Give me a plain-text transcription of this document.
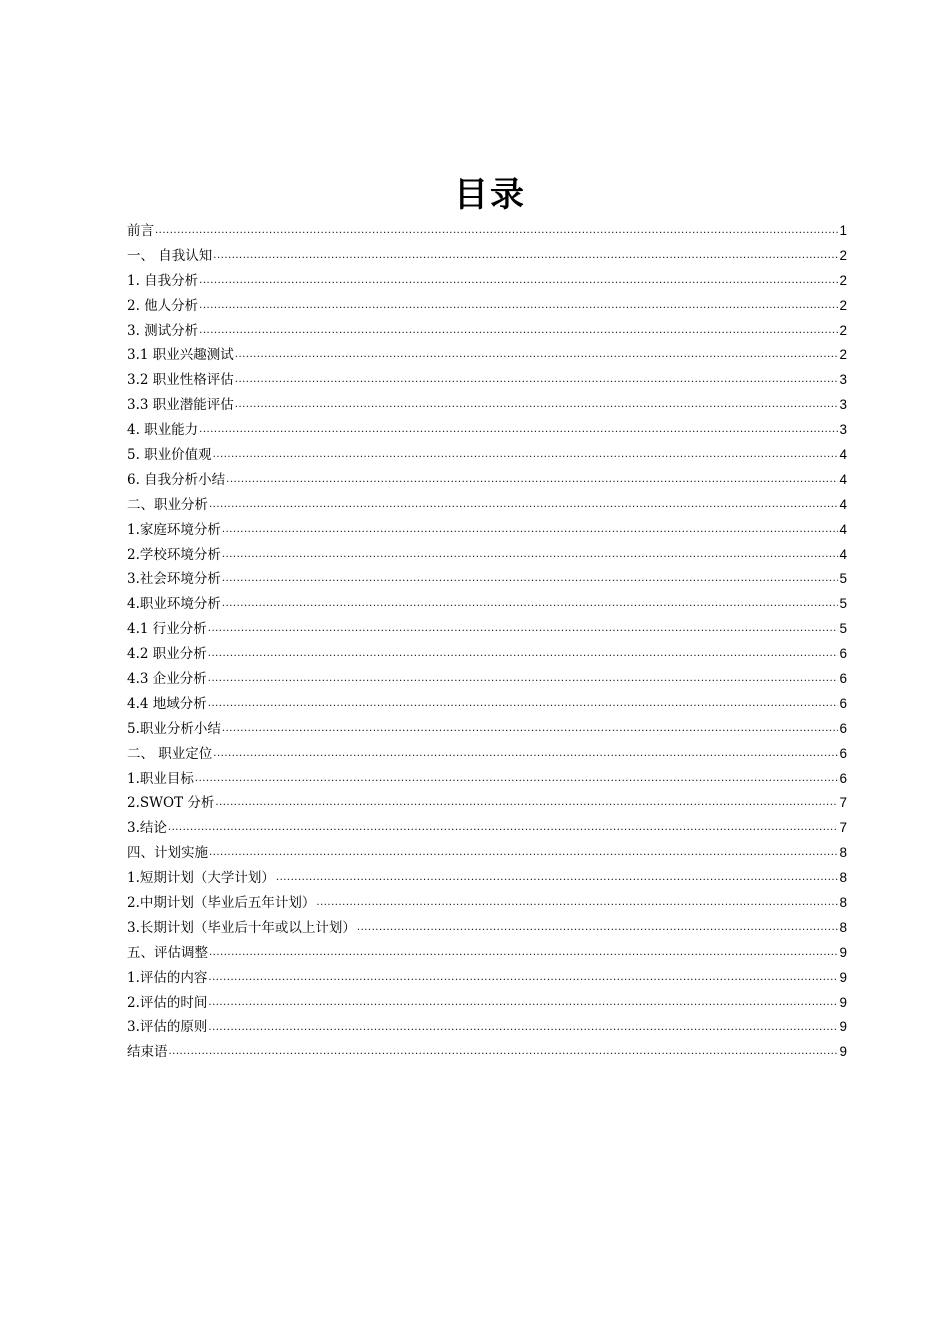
目录
前言 .....	1
一、 自我认知 .....	2
1. 自我分析 .....	2
2. 他人分析 .....	2
3. 测试分析 .....	2
3.1 职业兴趣测试 .....	2
3.2 职业性格评估 .....	3
3.3 职业潜能评估 .....	3
4. 职业能力 .....	3
5. 职业价值观 .....	4
6. 自我分析小结 .....	4
二、职业分析 .....	4
1.家庭环境分析 .....	4
2.学校环境分析 .....	4
3.社会环境分析 .....	5
4.职业环境分析 .....	5
4.1 行业分析 .....	5
4.2 职业分析 .....	6
4.3 企业分析 .....	6
4.4 地域分析 .....	6
5.职业分析小结 .....	6
二、 职业定位 .....	6
1.职业目标 .....	6
2.SWOT 分析 .....	7
3.结论 .....	7
四、计划实施 .....	8
1.短期计划（大学计划） .....	8
2.中期计划（毕业后五年计划） .....	8
3.长期计划（毕业后十年或以上计划） .....	8
五、评估调整 .....	9
1.评估的内容 .....	9
2.评估的时间 .....	9
3.评估的原则 .....	9
结束语 .....	9
